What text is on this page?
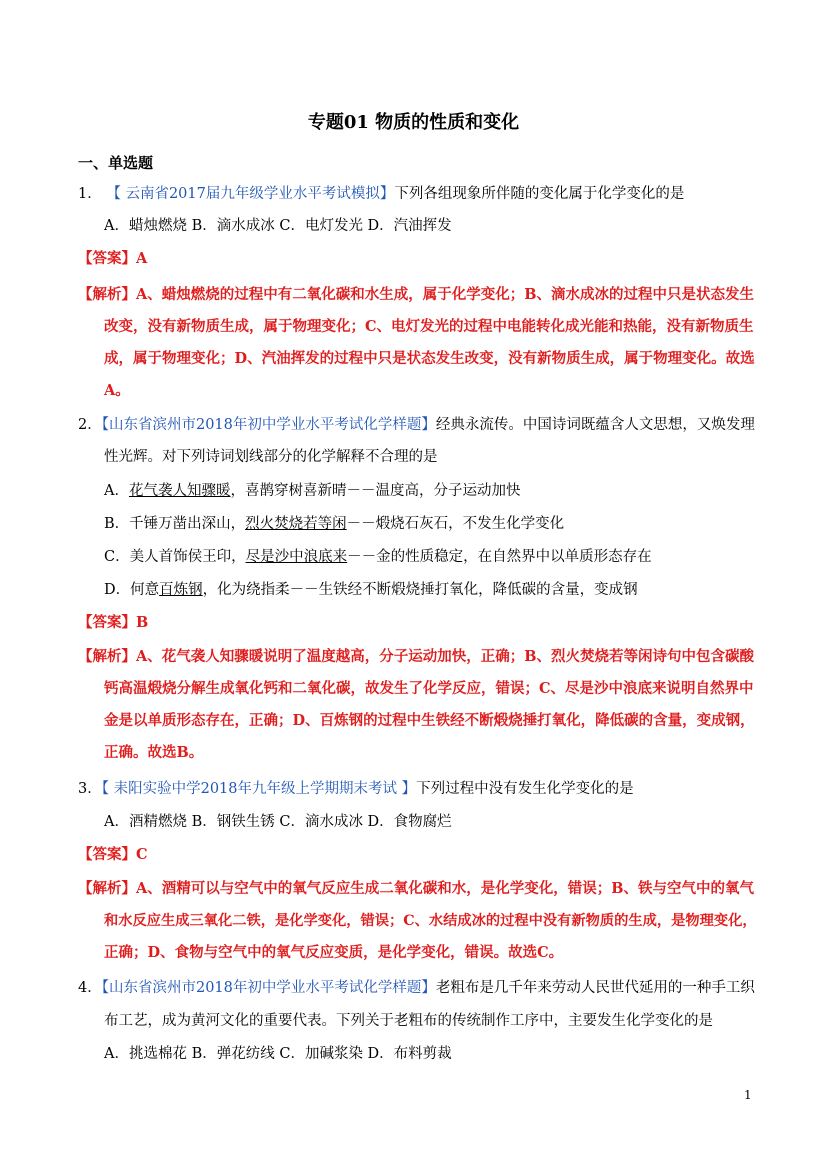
专题01 物质的性质和变化
一、单选题
1． 【 云南省2017届九年级学业水平考试模拟】下列各组现象所伴随的变化属于化学变化的是
A．蜡烛燃烧 B．滴水成冰 C．电灯发光 D．汽油挥发
【答案】A
【解析】A、蜡烛燃烧的过程中有二氧化碳和水生成，属于化学变化；B、滴水成冰的过程中只是状态发生
改变，没有新物质生成，属于物理变化；C、电灯发光的过程中电能转化成光能和热能，没有新物质生
成，属于物理变化；D、汽油挥发的过程中只是状态发生改变，没有新物质生成，属于物理变化。故选
A。
2．【山东省滨州市2018年初中学业水平考试化学样题】经典永流传。中国诗词既蕴含人文思想，又焕发理
性光辉。对下列诗词划线部分的化学解释不合理的是
A．花气袭人知骤暖，喜鹊穿树喜新晴－－温度高，分子运动加快
B．千锤万凿出深山，烈火焚烧若等闲－－煅烧石灰石，不发生化学变化
C．美人首饰侯王印，尽是沙中浪底来－－金的性质稳定，在自然界中以单质形态存在
D．何意百炼钢，化为绕指柔－－生铁经不断煅烧捶打氧化，降低碳的含量，变成钢
【答案】B
【解析】A、花气袭人知骤暖说明了温度越高，分子运动加快，正确；B、烈火焚烧若等闲诗句中包含碳酸
钙高温煅烧分解生成氧化钙和二氧化碳，故发生了化学反应，错误；C、尽是沙中浪底来说明自然界中
金是以单质形态存在，正确；D、百炼钢的过程中生铁经不断煅烧捶打氧化，降低碳的含量，变成钢，
正确。故选B。
3．【 耒阳实验中学2018年九年级上学期期末考试 】下列过程中没有发生化学变化的是
A．酒精燃烧 B．钢铁生锈 C．滴水成冰 D．食物腐烂
【答案】C
【解析】A、酒精可以与空气中的氧气反应生成二氧化碳和水，是化学变化，错误；B、铁与空气中的氧气
和水反应生成三氧化二铁，是化学变化，错误；C、水结成冰的过程中没有新物质的生成，是物理变化，
正确；D、食物与空气中的氧气反应变质，是化学变化，错误。故选C。
4．【山东省滨州市2018年初中学业水平考试化学样题】老粗布是几千年来劳动人民世代延用的一种手工织
布工艺，成为黄河文化的重要代表。下列关于老粗布的传统制作工序中，主要发生化学变化的是
A．挑选棉花 B．弹花纺线 C．加碱浆染 D．布料剪裁
1
